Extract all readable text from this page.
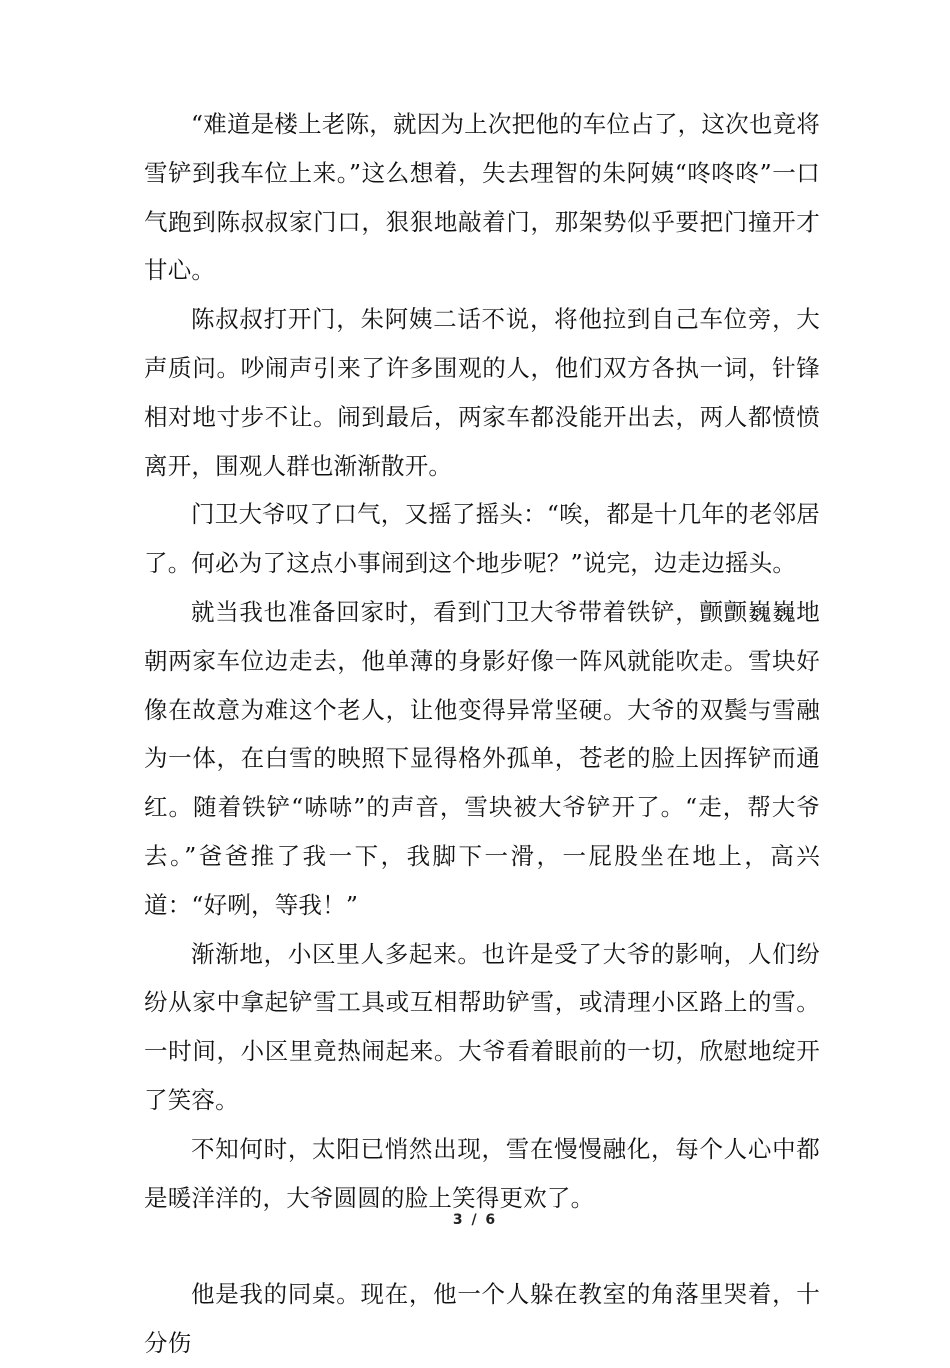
“难道是楼上老陈，就因为上次把他的车位占了，这次也竟将雪铲到我车位上来。”这么想着，失去理智的朱阿姨“咚咚咚”一口气跑到陈叔叔家门口，狠狠地敲着门，那架势似乎要把门撞开才甘心。

陈叔叔打开门，朱阿姨二话不说，将他拉到自己车位旁，大声质问。吵闹声引来了许多围观的人，他们双方各执一词，针锋相对地寸步不让。闹到最后，两家车都没能开出去，两人都愤愤离开，围观人群也渐渐散开。

门卫大爷叹了口气，又摇了摇头：“唉，都是十几年的老邻居了。何必为了这点小事闹到这个地步呢？”说完，边走边摇头。

就当我也准备回家时，看到门卫大爷带着铁铲，颤颤巍巍地朝两家车位边走去，他单薄的身影好像一阵风就能吹走。雪块好像在故意为难这个老人，让他变得异常坚硬。大爷的双鬓与雪融为一体，在白雪的映照下显得格外孤单，苍老的脸上因挥铲而通红。随着铁铲“哧哧”的声音，雪块被大爷铲开了。“走，帮大爷去。”爸爸推了我一下，我脚下一滑，一屁股坐在地上，高兴道：“好咧，等我！”

渐渐地，小区里人多起来。也许是受了大爷的影响，人们纷纷从家中拿起铲雪工具或互相帮助铲雪，或清理小区路上的雪。一时间，小区里竟热闹起来。大爷看着眼前的一切，欣慰地绽开了笑容。

不知何时，太阳已悄然出现，雪在慢慢融化，每个人心中都是暖洋洋的，大爷圆圆的脸上笑得更欢了。

他是我的同桌。现在，他一个人躲在教室的角落里哭着，十分伤

3 / 6
